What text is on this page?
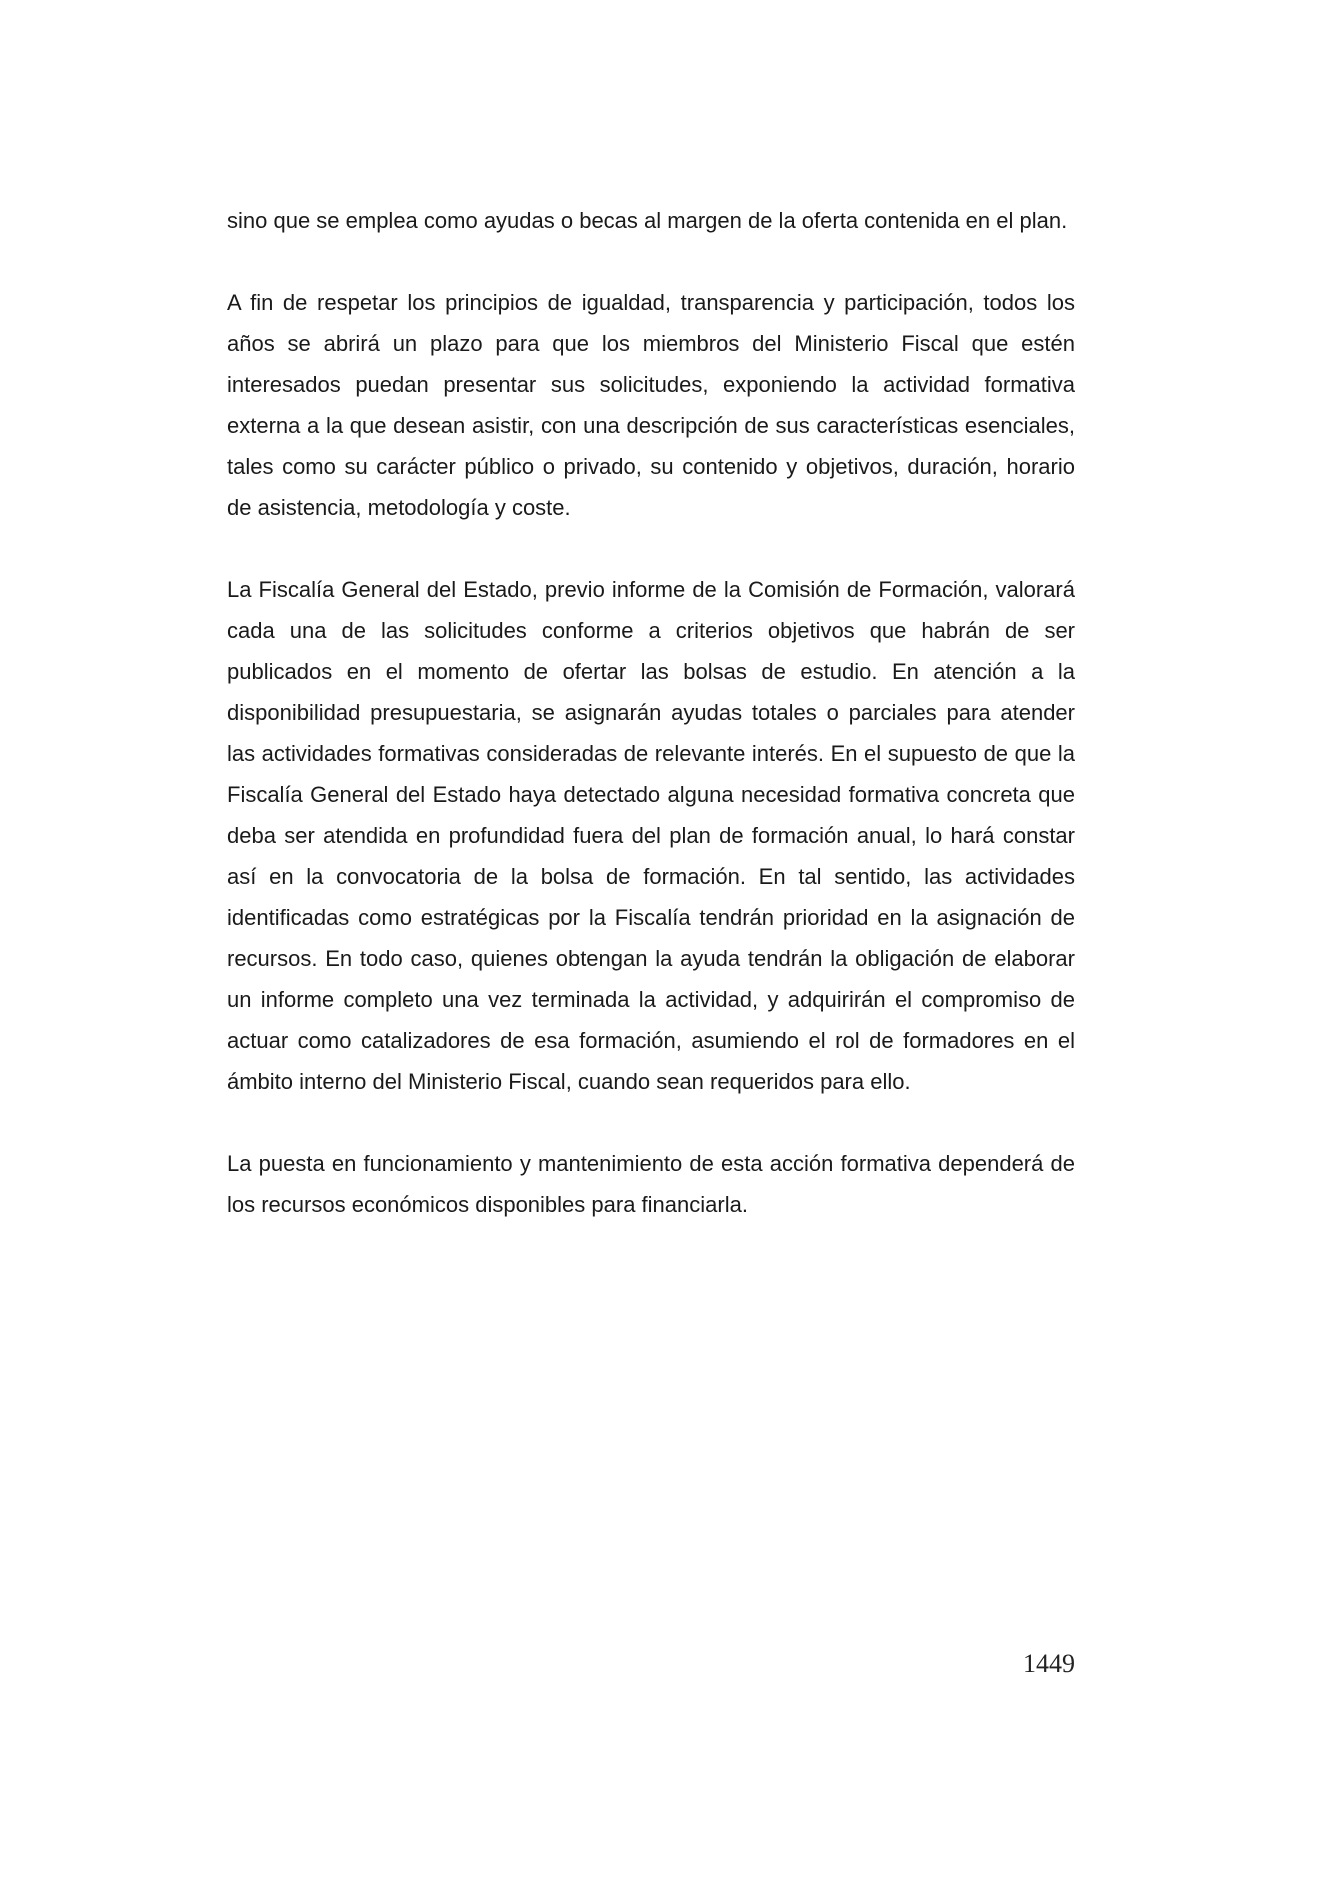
sino que se emplea como ayudas o becas al margen de la oferta contenida en el plan.

A fin de respetar los principios de igualdad, transparencia y participación, todos los años se abrirá un plazo para que los miembros del Ministerio Fiscal que estén interesados puedan presentar sus solicitudes, exponiendo la actividad formativa externa a la que desean asistir, con una descripción de sus características esenciales, tales como su carácter público o privado, su contenido y objetivos, duración, horario de asistencia, metodología y coste.

La Fiscalía General del Estado, previo informe de la Comisión de Formación, valorará cada una de las solicitudes conforme a criterios objetivos que habrán de ser publicados en el momento de ofertar las bolsas de estudio. En atención a la disponibilidad presupuestaria, se asignarán ayudas totales o parciales para atender las actividades formativas consideradas de relevante interés. En el supuesto de que la Fiscalía General del Estado haya detectado alguna necesidad formativa concreta que deba ser atendida en profundidad fuera del plan de formación anual, lo hará constar así en la convocatoria de la bolsa de formación. En tal sentido, las actividades identificadas como estratégicas por la Fiscalía tendrán prioridad en la asignación de recursos. En todo caso, quienes obtengan la ayuda tendrán la obligación de elaborar un informe completo una vez terminada la actividad, y adquirirán el compromiso de actuar como catalizadores de esa formación, asumiendo el rol de formadores en el ámbito interno del Ministerio Fiscal, cuando sean requeridos para ello.

La puesta en funcionamiento y mantenimiento de esta acción formativa dependerá de los recursos económicos disponibles para financiarla.

1449
